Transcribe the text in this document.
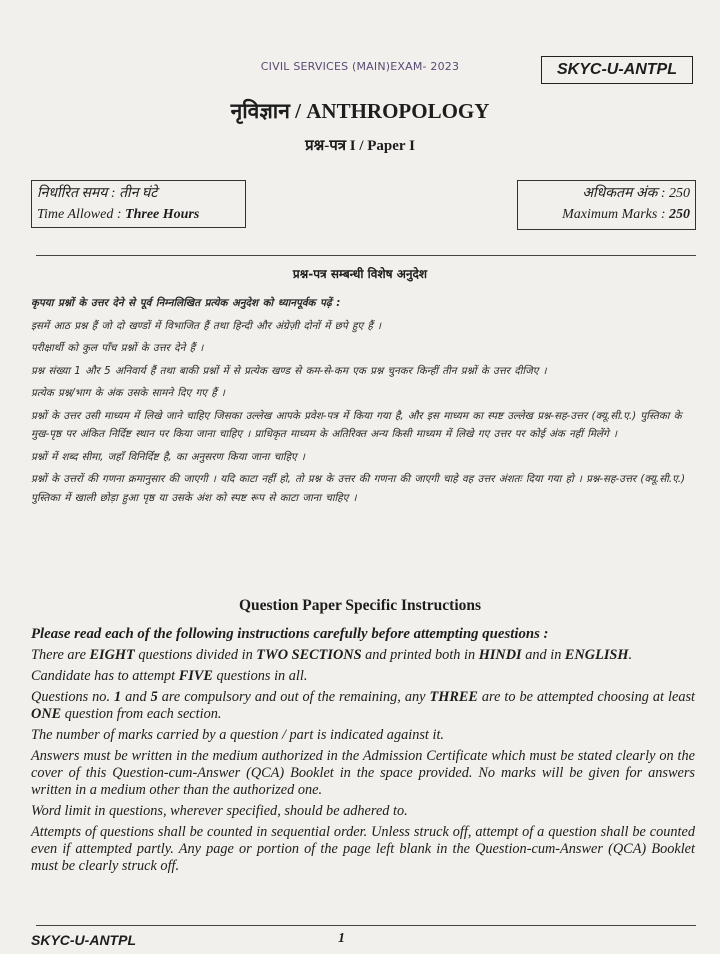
CIVIL SERVICES (MAIN)EXAM- 2023	SKYC-U-ANTPL
नृविज्ञान / ANTHROPOLOGY
प्रश्न-पत्र I / Paper I
निर्धारित समय : तीन घंटे
Time Allowed : Three Hours
अधिकतम अंक : 250
Maximum Marks : 250
प्रश्न-पत्र सम्बन्धी विशेष अनुदेश

कृपया प्रश्नों के उत्तर देने से पूर्व निम्नलिखित प्रत्येक अनुदेश को ध्यानपूर्वक पढ़ें :

इसमें आठ प्रश्न हैं जो दो खण्डों में विभाजित हैं तथा हिन्दी और अंग्रेज़ी दोनों में छपे हुए हैं ।

परीक्षार्थी को कुल पाँच प्रश्नों के उत्तर देने हैं ।

प्रश्न संख्या 1 और 5 अनिवार्य हैं तथा बाकी प्रश्नों में से प्रत्येक खण्ड से कम-से-कम एक प्रश्न चुनकर किन्हीं तीन प्रश्नों के उत्तर दीजिए ।

प्रत्येक प्रश्न/भाग के अंक उसके सामने दिए गए हैं ।

प्रश्नों के उत्तर उसी माध्यम में लिखे जाने चाहिए जिसका उल्लेख आपके प्रवेश-पत्र में किया गया है, और इस माध्यम का स्पष्ट उल्लेख प्रश्न-सह-उत्तर (क्यू.सी.ए.) पुस्तिका के मुख-पृष्ठ पर अंकित निर्दिष्ट स्थान पर किया जाना चाहिए । प्राधिकृत माध्यम के अतिरिक्त अन्य किसी माध्यम में लिखे गए उत्तर पर कोई अंक नहीं मिलेंगे ।

प्रश्नों में शब्द सीमा, जहाँ विनिर्दिष्ट है, का अनुसरण किया जाना चाहिए ।

प्रश्नों के उत्तरों की गणना क्रमानुसार की जाएगी । यदि काटा नहीं हो, तो प्रश्न के उत्तर की गणना की जाएगी चाहे वह उत्तर अंशतः दिया गया हो । प्रश्न-सह-उत्तर (क्यू.सी.ए.) पुस्तिका में खाली छोड़ा हुआ पृष्ठ या उसके अंश को स्पष्ट रूप से काटा जाना चाहिए ।

Question Paper Specific Instructions

Please read each of the following instructions carefully before attempting questions :

There are EIGHT questions divided in TWO SECTIONS and printed both in HINDI and in ENGLISH.

Candidate has to attempt FIVE questions in all.

Questions no. 1 and 5 are compulsory and out of the remaining, any THREE are to be attempted choosing at least ONE question from each section.

The number of marks carried by a question / part is indicated against it.

Answers must be written in the medium authorized in the Admission Certificate which must be stated clearly on the cover of this Question-cum-Answer (QCA) Booklet in the space provided. No marks will be given for answers written in a medium other than the authorized one.

Word limit in questions, wherever specified, should be adhered to.

Attempts of questions shall be counted in sequential order. Unless struck off, attempt of a question shall be counted even if attempted partly. Any page or portion of the page left blank in the Question-cum-Answer (QCA) Booklet must be clearly struck off.

SKYC-U-ANTPL	1
